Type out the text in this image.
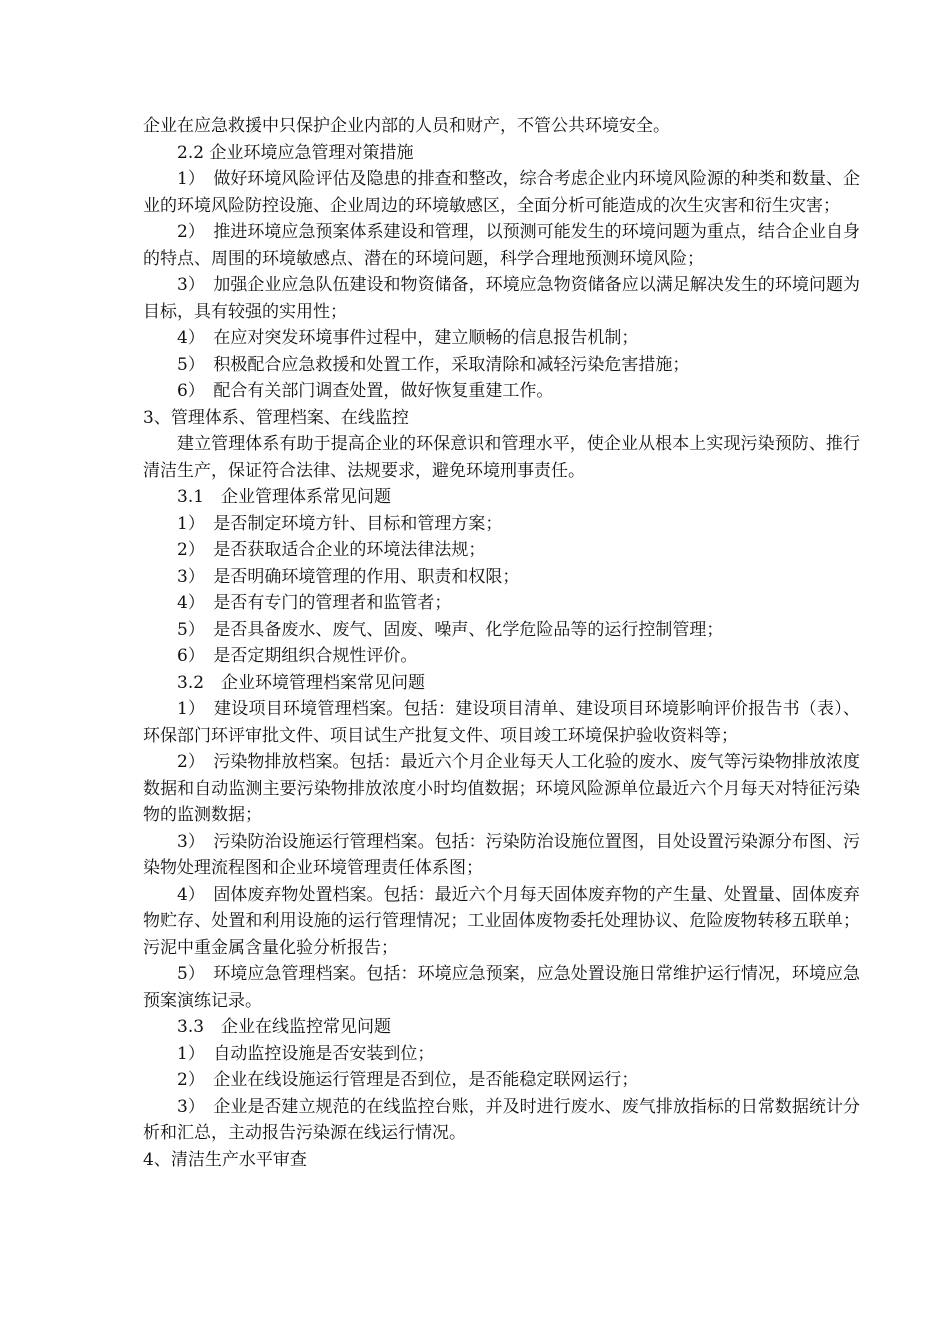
企业在应急救援中只保护企业内部的人员和财产，不管公共环境安全。

2.2 企业环境应急管理对策措施

1）　做好环境风险评估及隐患的排查和整改，综合考虑企业内环境风险源的种类和数量、企业的环境风险防控设施、企业周边的环境敏感区，全面分析可能造成的次生灾害和衍生灾害；

2）　推进环境应急预案体系建设和管理，以预测可能发生的环境问题为重点，结合企业自身的特点、周围的环境敏感点、潜在的环境问题，科学合理地预测环境风险；

3）　加强企业应急队伍建设和物资储备，环境应急物资储备应以满足解决发生的环境问题为目标，具有较强的实用性；

4）　在应对突发环境事件过程中，建立顺畅的信息报告机制；

5）　积极配合应急救援和处置工作，采取清除和减轻污染危害措施；

6）　配合有关部门调查处置，做好恢复重建工作。

3、管理体系、管理档案、在线监控

建立管理体系有助于提高企业的环保意识和管理水平，使企业从根本上实现污染预防、推行清洁生产，保证符合法律、法规要求，避免环境刑事责任。

3.1　企业管理体系常见问题

1）　是否制定环境方针、目标和管理方案；

2）　是否获取适合企业的环境法律法规；

3）　是否明确环境管理的作用、职责和权限；

4）　是否有专门的管理者和监管者；

5）　是否具备废水、废气、固废、噪声、化学危险品等的运行控制管理；

6）　是否定期组织合规性评价。

3.2　企业环境管理档案常见问题

1）　建设项目环境管理档案。包括：建设项目清单、建设项目环境影响评价报告书（表）、环保部门环评审批文件、项目试生产批复文件、项目竣工环境保护验收资料等；

2）　污染物排放档案。包括：最近六个月企业每天人工化验的废水、废气等污染物排放浓度数据和自动监测主要污染物排放浓度小时均值数据；环境风险源单位最近六个月每天对特征污染物的监测数据；

3）　污染防治设施运行管理档案。包括：污染防治设施位置图，目处设置污染源分布图、污染物处理流程图和企业环境管理责任体系图；

4）　固体废弃物处置档案。包括：最近六个月每天固体废弃物的产生量、处置量、固体废弃物贮存、处置和利用设施的运行管理情况；工业固体废物委托处理协议、危险废物转移五联单；污泥中重金属含量化验分析报告；

5）　环境应急管理档案。包括：环境应急预案，应急处置设施日常维护运行情况，环境应急预案演练记录。

3.3　企业在线监控常见问题

1）　自动监控设施是否安装到位；

2）　企业在线设施运行管理是否到位，是否能稳定联网运行；

3）　企业是否建立规范的在线监控台账，并及时进行废水、废气排放指标的日常数据统计分析和汇总，主动报告污染源在线运行情况。

4、清洁生产水平审查
